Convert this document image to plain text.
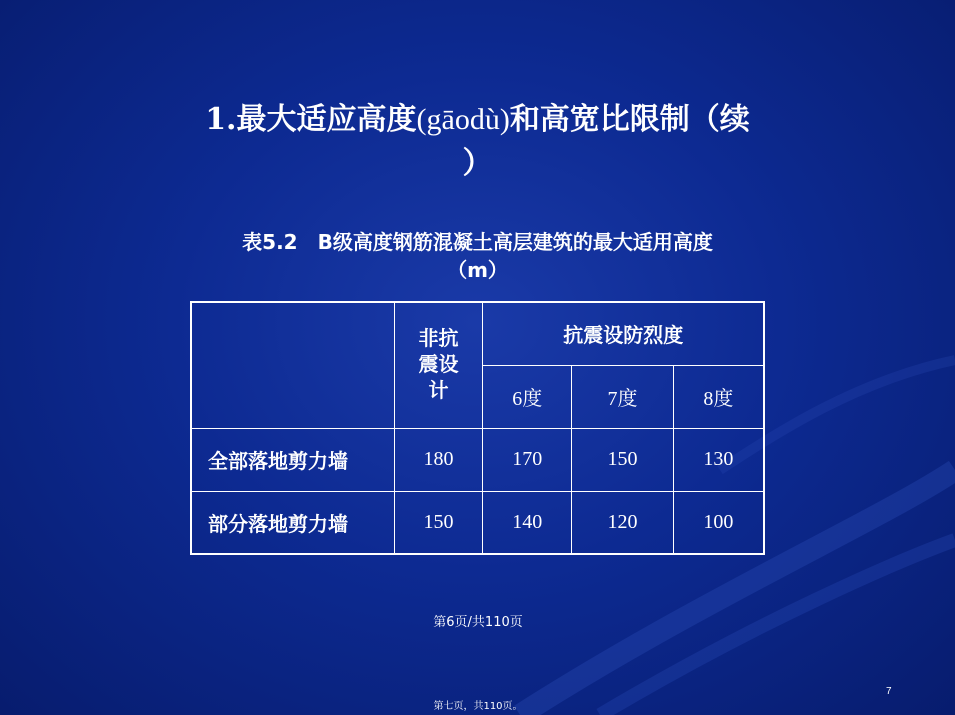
1.最大适应高度(gāodù)和高宽比限制（续
）
表5.2　B级高度钢筋混凝土高层建筑的最大适用高度
（m）
	非抗震设计	抗震设防烈度		
		6度	7度	8度
全部落地剪力墙	180	170	150	130
部分落地剪力墙	150	140	120	100
第6页/共110页
7
第七页，共110页。
